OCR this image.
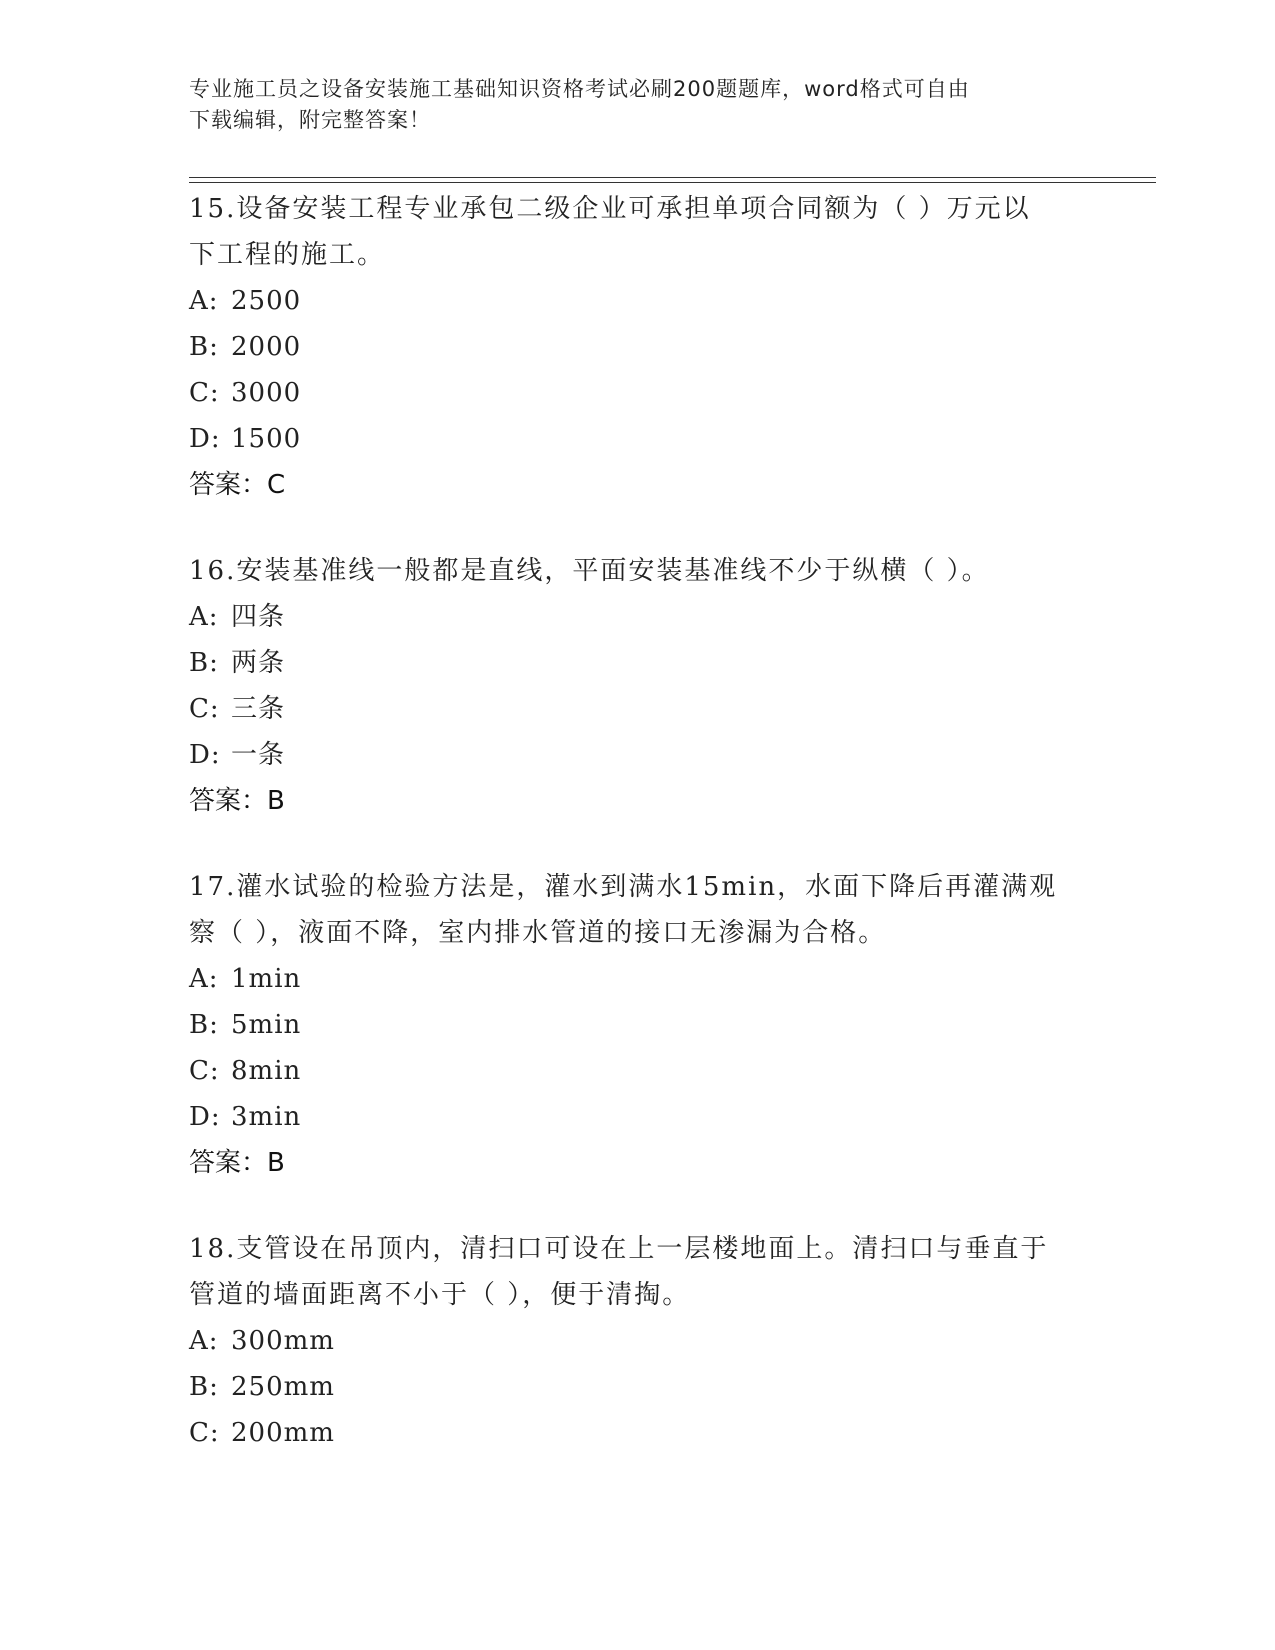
专业施工员之设备安装施工基础知识资格考试必刷200题题库，word格式可自由
下载编辑，附完整答案！
15.设备安装工程专业承包二级企业可承担单项合同额为（ ）万元以
下工程的施工。
A: 2500
B: 2000
C: 3000
D: 1500
答案：C
16.安装基准线一般都是直线，平面安装基准线不少于纵横（ ）。
A: 四条
B: 两条
C: 三条
D: 一条
答案：B
17.灌水试验的检验方法是，灌水到满水15min，水面下降后再灌满观
察（ ），液面不降，室内排水管道的接口无渗漏为合格。
A: 1min
B: 5min
C: 8min
D: 3min
答案：B
18.支管设在吊顶内，清扫口可设在上一层楼地面上。清扫口与垂直于
管道的墙面距离不小于（ ），便于清掏。
A: 300mm
B: 250mm
C: 200mm
